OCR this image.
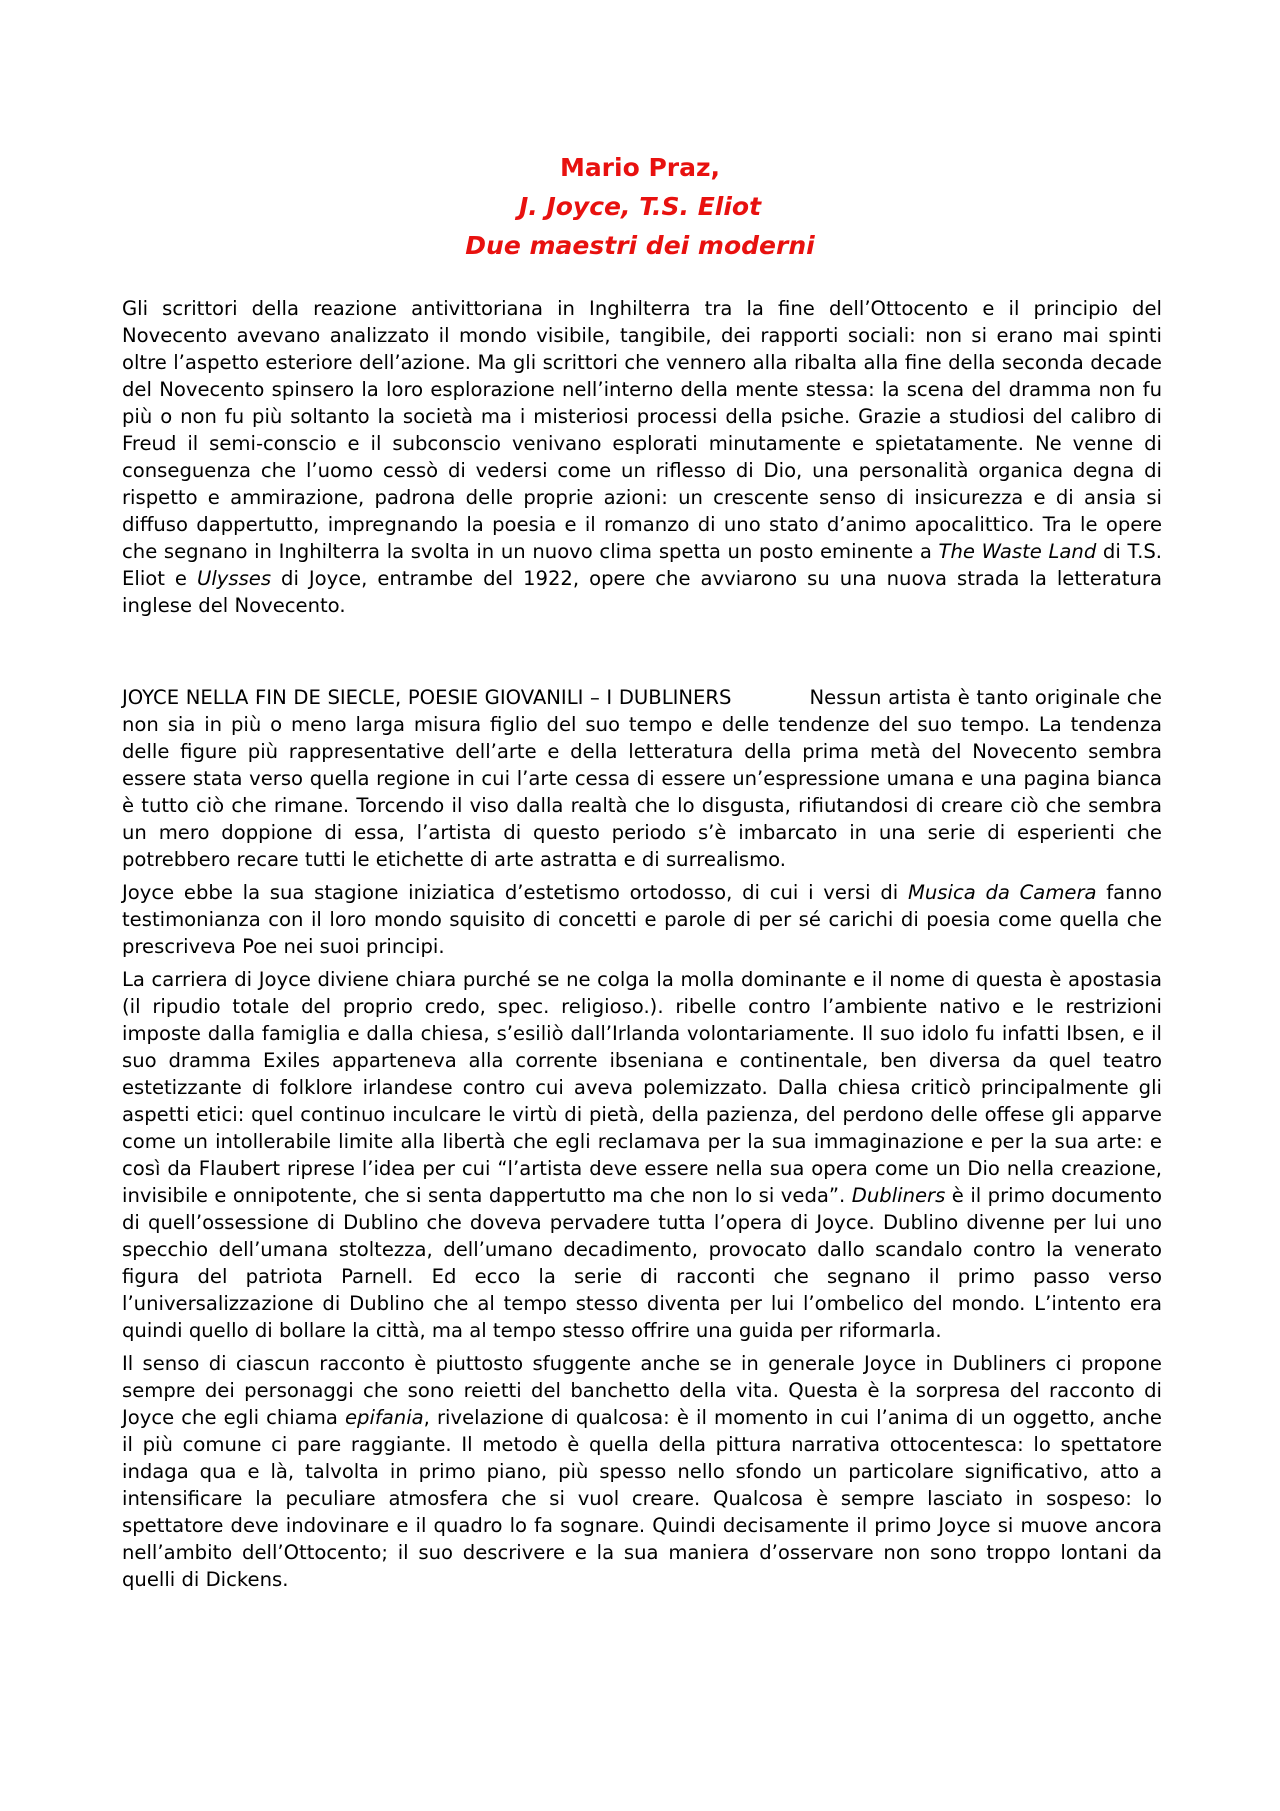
Mario Praz,
J. Joyce, T.S. Eliot
Due maestri dei moderni

Gli scrittori della reazione antivittoriana in Inghilterra tra la fine dell’Ottocento e il principio del Novecento avevano analizzato il mondo visibile, tangibile, dei rapporti sociali: non si erano mai spinti oltre l’aspetto esteriore dell’azione. Ma gli scrittori che vennero alla ribalta alla fine della seconda decade del Novecento spinsero la loro esplorazione nell’interno della mente stessa: la scena del dramma non fu più o non fu più soltanto la società ma i misteriosi processi della psiche. Grazie a studiosi del calibro di Freud il semi-conscio e il subconscio venivano esplorati minutamente e spietatamente. Ne venne di conseguenza che l’uomo cessò di vedersi come un riflesso di Dio, una personalità organica degna di rispetto e ammirazione, padrona delle proprie azioni: un crescente senso di insicurezza e di ansia si diffuso dappertutto, impregnando la poesia e il romanzo di uno stato d’animo apocalittico. Tra le opere che segnano in Inghilterra la svolta in un nuovo clima spetta un posto eminente a The Waste Land di T.S. Eliot e Ulysses di Joyce, entrambe del 1922, opere che avviarono su una nuova strada la letteratura inglese del Novecento.

JOYCE NELLA FIN DE SIECLE, POESIE GIOVANILI – I DUBLINERS	Nessun artista è tanto originale che non sia in più o meno larga misura figlio del suo tempo e delle tendenze del suo tempo. La tendenza delle figure più rappresentative dell’arte e della letteratura della prima metà del Novecento sembra essere stata verso quella regione in cui l’arte cessa di essere un’espressione umana e una pagina bianca è tutto ciò che rimane. Torcendo il viso dalla realtà che lo disgusta, rifiutandosi di creare ciò che sembra un mero doppione di essa, l’artista di questo periodo s’è imbarcato in una serie di esperienti che potrebbero recare tutti le etichette di arte astratta e di surrealismo.

Joyce ebbe la sua stagione iniziatica d’estetismo ortodosso, di cui i versi di Musica da Camera fanno testimonianza con il loro mondo squisito di concetti e parole di per sé carichi di poesia come quella che prescriveva Poe nei suoi principi.

La carriera di Joyce diviene chiara purché se ne colga la molla dominante e il nome di questa è apostasia (il ripudio totale del proprio credo, spec. religioso.). ribelle contro l’ambiente nativo e le restrizioni imposte dalla famiglia e dalla chiesa, s’esiliò dall’Irlanda volontariamente. Il suo idolo fu infatti Ibsen, e il suo dramma Exiles apparteneva alla corrente ibseniana e continentale, ben diversa da quel teatro estetizzante di folklore irlandese contro cui aveva polemizzato. Dalla chiesa criticò principalmente gli aspetti etici: quel continuo inculcare le virtù di pietà, della pazienza, del perdono delle offese gli apparve come un intollerabile limite alla libertà che egli reclamava per la sua immaginazione e per la sua arte: e così da Flaubert riprese l’idea per cui “l’artista deve essere nella sua opera come un Dio nella creazione, invisibile e onnipotente, che si senta dappertutto ma che non lo si veda”. Dubliners è il primo documento di quell’ossessione di Dublino che doveva pervadere tutta l’opera di Joyce. Dublino divenne per lui uno specchio dell’umana stoltezza, dell’umano decadimento, provocato dallo scandalo contro la venerato figura del patriota Parnell. Ed ecco la serie di racconti che segnano il primo passo verso l’universalizzazione di Dublino che al tempo stesso diventa per lui l’ombelico del mondo. L’intento era quindi quello di bollare la città, ma al tempo stesso offrire una guida per riformarla.

Il senso di ciascun racconto è piuttosto sfuggente anche se in generale Joyce in Dubliners ci propone sempre dei personaggi che sono reietti del banchetto della vita. Questa è la sorpresa del racconto di Joyce che egli chiama epifania, rivelazione di qualcosa: è il momento in cui l’anima di un oggetto, anche il più comune ci pare raggiante. Il metodo è quella della pittura narrativa ottocentesca: lo spettatore indaga qua e là, talvolta in primo piano, più spesso nello sfondo un particolare significativo, atto a intensificare la peculiare atmosfera che si vuol creare. Qualcosa è sempre lasciato in sospeso: lo spettatore deve indovinare e il quadro lo fa sognare. Quindi decisamente il primo Joyce si muove ancora nell’ambito dell’Ottocento; il suo descrivere e la sua maniera d’osservare non sono troppo lontani da quelli di Dickens.
